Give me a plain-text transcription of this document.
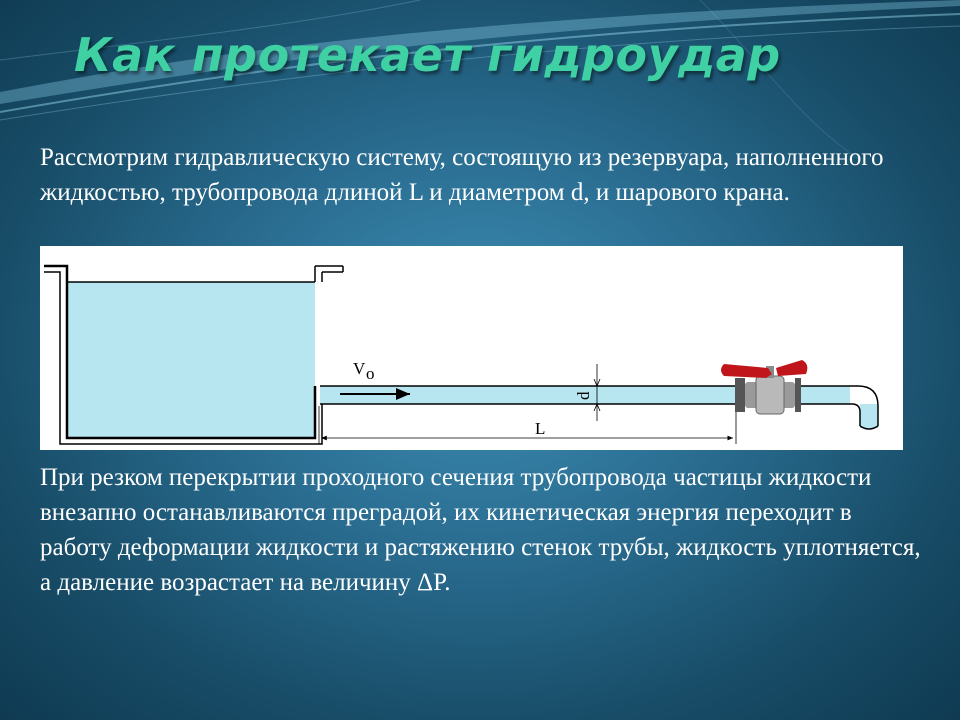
Как протекает гидроудар

Рассмотрим гидравлическую систему, состоящую из резервуара, наполненного жидкостью, трубопровода длиной L и диаметром d, и шарового крана.

V o
d
L

При резком перекрытии проходного сечения трубопровода частицы жидкости внезапно останавливаются преградой, их кинетическая энергия переходит в работу деформации жидкости и растяжению стенок трубы, жидкость уплотняется, а давление возрастает на величину ΔP.
